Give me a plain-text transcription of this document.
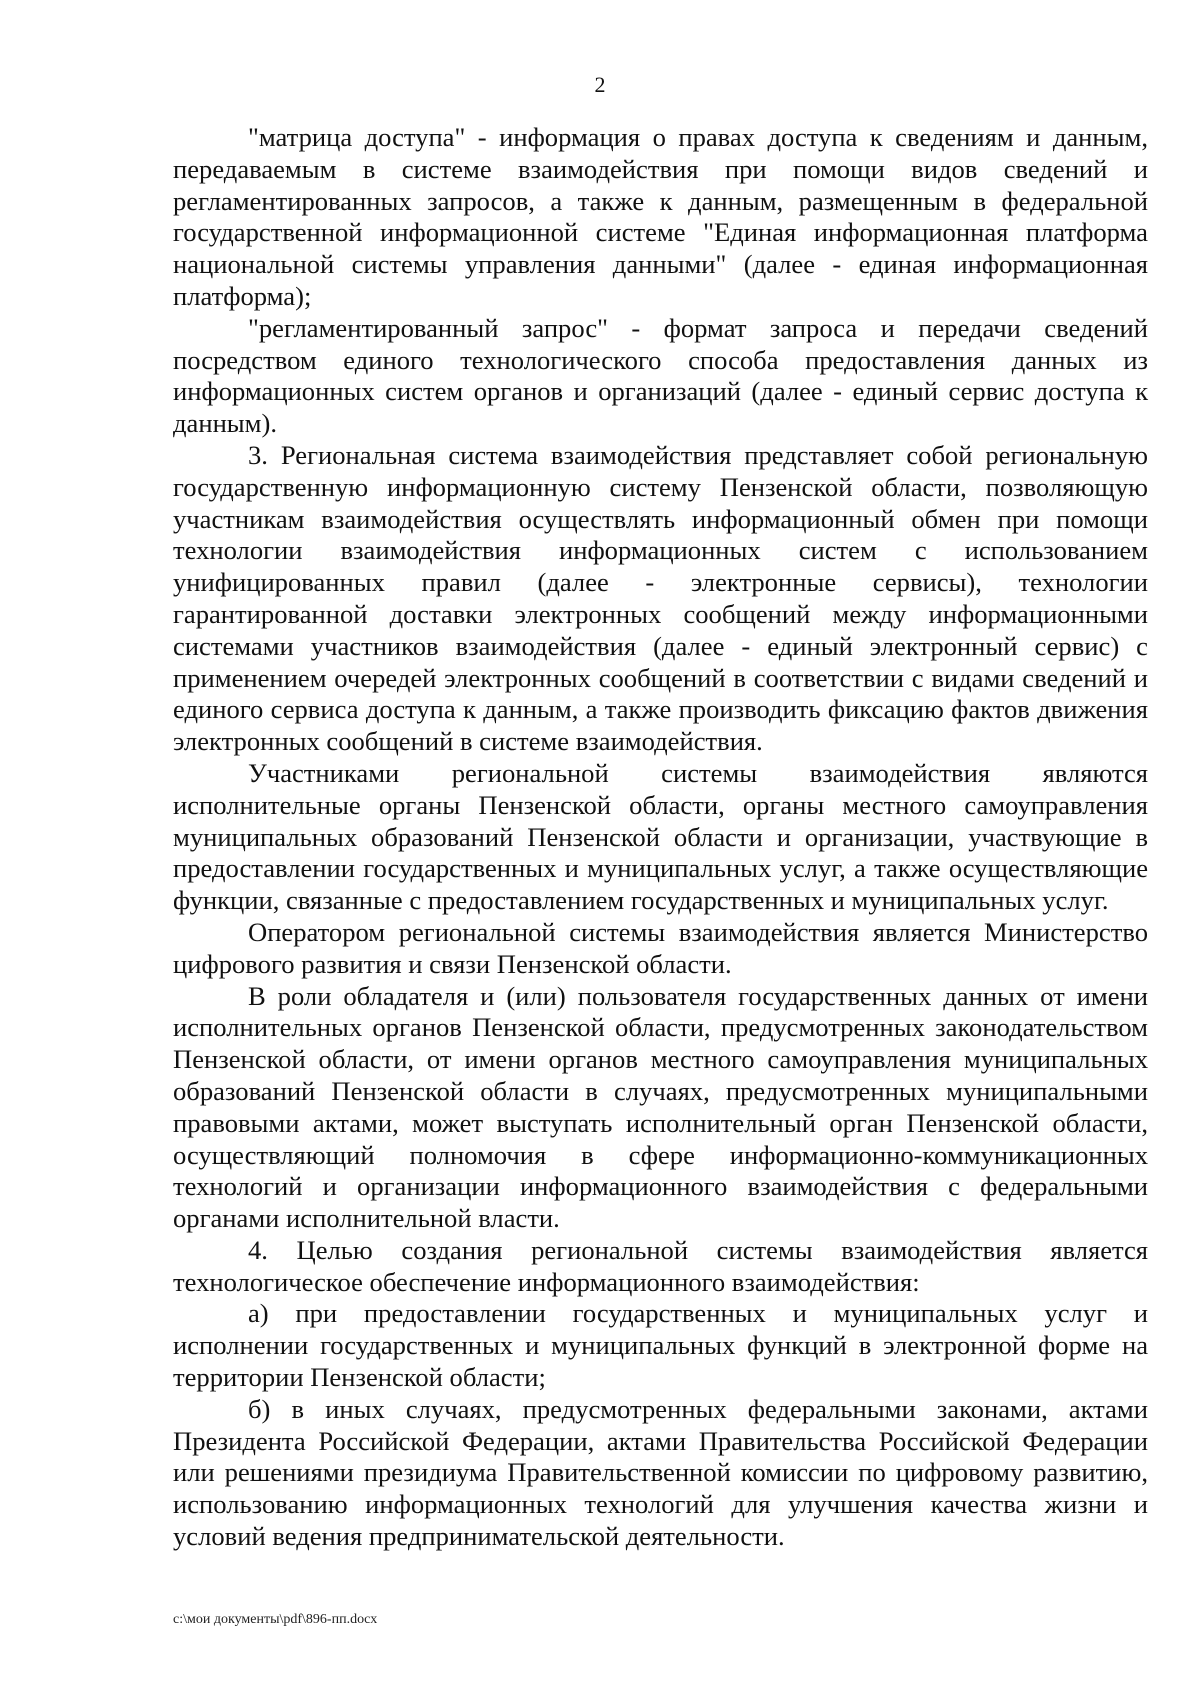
2

"матрица доступа" - информация о правах доступа к сведениям и данным, передаваемым в системе взаимодействия при помощи видов сведений и регламентированных запросов, а также к данным, размещенным в федеральной государственной информационной системе "Единая информационная платформа национальной системы управления данными" (далее - единая информационная платформа);

"регламентированный запрос" - формат запроса и передачи сведений посредством единого технологического способа предоставления данных из информационных систем органов и организаций (далее - единый сервис доступа к данным).

3. Региональная система взаимодействия представляет собой региональную государственную информационную систему Пензенской области, позволяющую участникам взаимодействия осуществлять информационный обмен при помощи технологии взаимодействия информационных систем с использованием унифицированных правил (далее - электронные сервисы), технологии гарантированной доставки электронных сообщений между информационными системами участников взаимодействия (далее - единый электронный сервис) с применением очередей электронных сообщений в соответствии с видами сведений и единого сервиса доступа к данным, а также производить фиксацию фактов движения электронных сообщений в системе взаимодействия.

Участниками региональной системы взаимодействия являются исполнительные органы Пензенской области, органы местного самоуправления муниципальных образований Пензенской области и организации, участвующие в предоставлении государственных и муниципальных услуг, а также осуществляющие функции, связанные с предоставлением государственных и муниципальных услуг.

Оператором региональной системы взаимодействия является Министерство цифрового развития и связи Пензенской области.

В роли обладателя и (или) пользователя государственных данных от имени исполнительных органов Пензенской области, предусмотренных законодательством Пензенской области, от имени органов местного самоуправления муниципальных образований Пензенской области в случаях, предусмотренных муниципальными правовыми актами, может выступать исполнительный орган Пензенской области, осуществляющий полномочия в сфере информационно-коммуникационных технологий и организации информационного взаимодействия с федеральными органами исполнительной власти.

4. Целью создания региональной системы взаимодействия является технологическое обеспечение информационного взаимодействия:

а) при предоставлении государственных и муниципальных услуг и исполнении государственных и муниципальных функций в электронной форме на территории Пензенской области;

б) в иных случаях, предусмотренных федеральными законами, актами Президента Российской Федерации, актами Правительства Российской Федерации или решениями президиума Правительственной комиссии по цифровому развитию, использованию информационных технологий для улучшения качества жизни и условий ведения предпринимательской деятельности.

c:\мои документы\pdf\896-пп.docx
